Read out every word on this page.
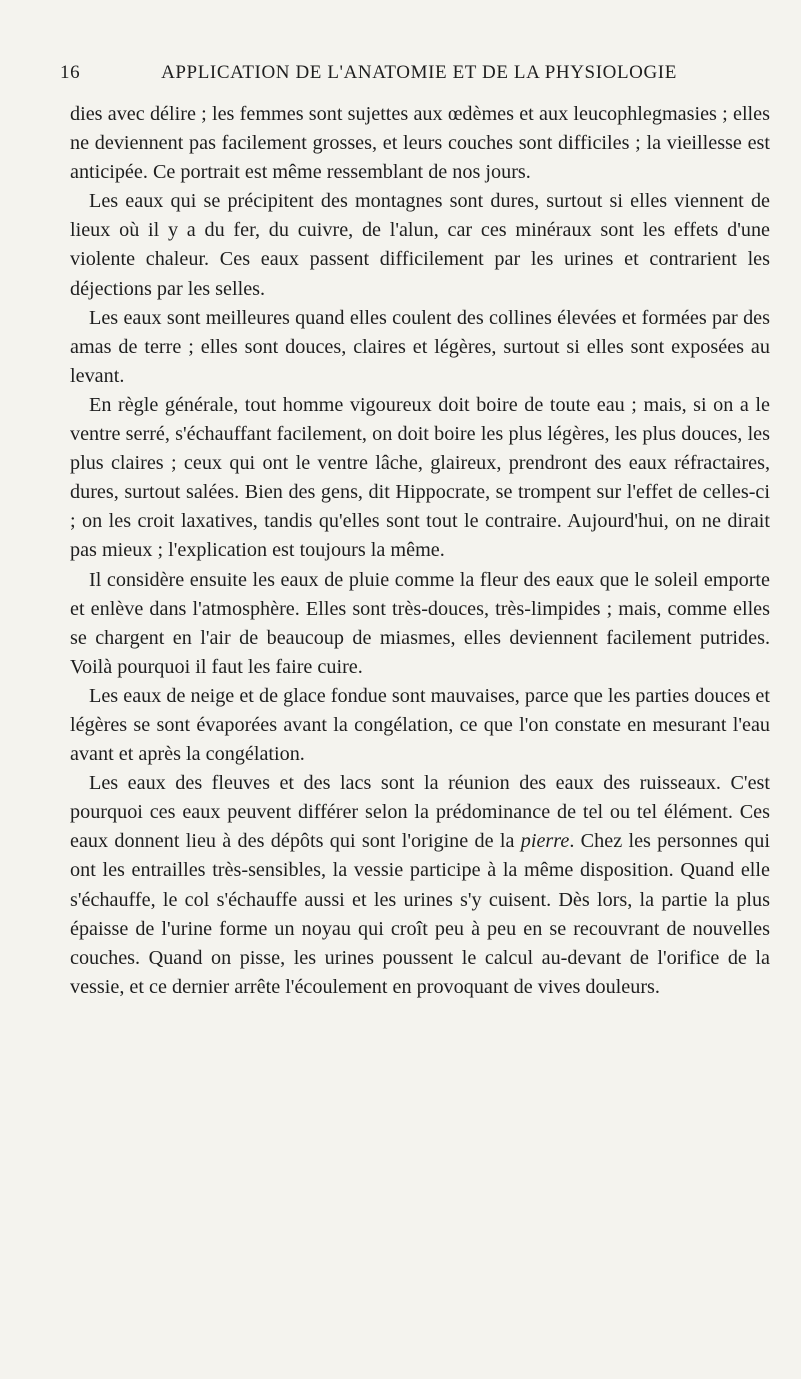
16	APPLICATION DE L'ANATOMIE ET DE LA PHYSIOLOGIE

dies avec délire ; les femmes sont sujettes aux œdèmes et aux leucophlegmasies ; elles ne deviennent pas facilement grosses, et leurs couches sont difficiles ; la vieillesse est anticipée. Ce portrait est même ressemblant de nos jours.

Les eaux qui se précipitent des montagnes sont dures, surtout si elles viennent de lieux où il y a du fer, du cuivre, de l'alun, car ces minéraux sont les effets d'une violente chaleur. Ces eaux passent difficilement par les urines et contrarient les déjections par les selles.

Les eaux sont meilleures quand elles coulent des collines élevées et formées par des amas de terre ; elles sont douces, claires et légères, surtout si elles sont exposées au levant.

En règle générale, tout homme vigoureux doit boire de toute eau ; mais, si on a le ventre serré, s'échauffant facilement, on doit boire les plus légères, les plus douces, les plus claires ; ceux qui ont le ventre lâche, glaireux, prendront des eaux réfractaires, dures, surtout salées. Bien des gens, dit Hippocrate, se trompent sur l'effet de celles-ci ; on les croit laxatives, tandis qu'elles sont tout le contraire. Aujourd'hui, on ne dirait pas mieux ; l'explication est toujours la même.

Il considère ensuite les eaux de pluie comme la fleur des eaux que le soleil emporte et enlève dans l'atmosphère. Elles sont très-douces, très-limpides ; mais, comme elles se chargent en l'air de beaucoup de miasmes, elles deviennent facilement putrides. Voilà pourquoi il faut les faire cuire.

Les eaux de neige et de glace fondue sont mauvaises, parce que les parties douces et légères se sont évaporées avant la congélation, ce que l'on constate en mesurant l'eau avant et après la congélation.

Les eaux des fleuves et des lacs sont la réunion des eaux des ruisseaux. C'est pourquoi ces eaux peuvent différer selon la prédominance de tel ou tel élément. Ces eaux donnent lieu à des dépôts qui sont l'origine de la pierre. Chez les personnes qui ont les entrailles très-sensibles, la vessie participe à la même disposition. Quand elle s'échauffe, le col s'échauffe aussi et les urines s'y cuisent. Dès lors, la partie la plus épaisse de l'urine forme un noyau qui croît peu à peu en se recouvrant de nouvelles couches. Quand on pisse, les urines poussent le calcul au-devant de l'orifice de la vessie, et ce dernier arrête l'écoulement en provoquant de vives douleurs.
